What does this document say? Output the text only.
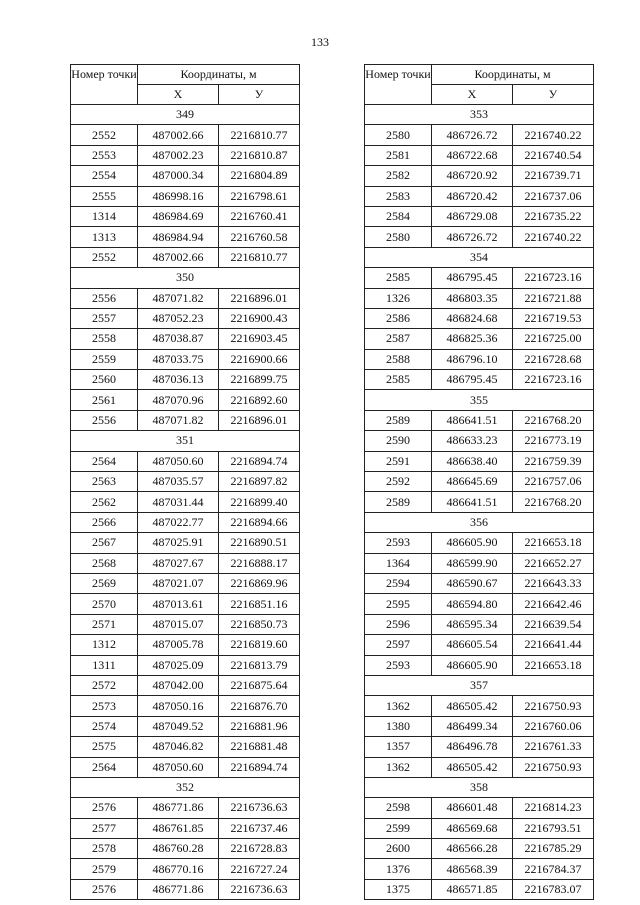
133
Номер точки	Координаты, м	
	X	У
349		
2552	487002.66	2216810.77
2553	487002.23	2216810.87
2554	487000.34	2216804.89
2555	486998.16	2216798.61
1314	486984.69	2216760.41
1313	486984.94	2216760.58
2552	487002.66	2216810.77
350		
2556	487071.82	2216896.01
2557	487052.23	2216900.43
2558	487038.87	2216903.45
2559	487033.75	2216900.66
2560	487036.13	2216899.75
2561	487070.96	2216892.60
2556	487071.82	2216896.01
351		
2564	487050.60	2216894.74
2563	487035.57	2216897.82
2562	487031.44	2216899.40
2566	487022.77	2216894.66
2567	487025.91	2216890.51
2568	487027.67	2216888.17
2569	487021.07	2216869.96
2570	487013.61	2216851.16
2571	487015.07	2216850.73
1312	487005.78	2216819.60
1311	487025.09	2216813.79
2572	487042.00	2216875.64
2573	487050.16	2216876.70
2574	487049.52	2216881.96
2575	487046.82	2216881.48
2564	487050.60	2216894.74
352		
2576	486771.86	2216736.63
2577	486761.85	2216737.46
2578	486760.28	2216728.83
2579	486770.16	2216727.24
2576	486771.86	2216736.63
Номер точки	Координаты, м	
	X	У
353		
2580	486726.72	2216740.22
2581	486722.68	2216740.54
2582	486720.92	2216739.71
2583	486720.42	2216737.06
2584	486729.08	2216735.22
2580	486726.72	2216740.22
354		
2585	486795.45	2216723.16
1326	486803.35	2216721.88
2586	486824.68	2216719.53
2587	486825.36	2216725.00
2588	486796.10	2216728.68
2585	486795.45	2216723.16
355		
2589	486641.51	2216768.20
2590	486633.23	2216773.19
2591	486638.40	2216759.39
2592	486645.69	2216757.06
2589	486641.51	2216768.20
356		
2593	486605.90	2216653.18
1364	486599.90	2216652.27
2594	486590.67	2216643.33
2595	486594.80	2216642.46
2596	486595.34	2216639.54
2597	486605.54	2216641.44
2593	486605.90	2216653.18
357		
1362	486505.42	2216750.93
1380	486499.34	2216760.06
1357	486496.78	2216761.33
1362	486505.42	2216750.93
358		
2598	486601.48	2216814.23
2599	486569.68	2216793.51
2600	486566.28	2216785.29
1376	486568.39	2216784.37
1375	486571.85	2216783.07
